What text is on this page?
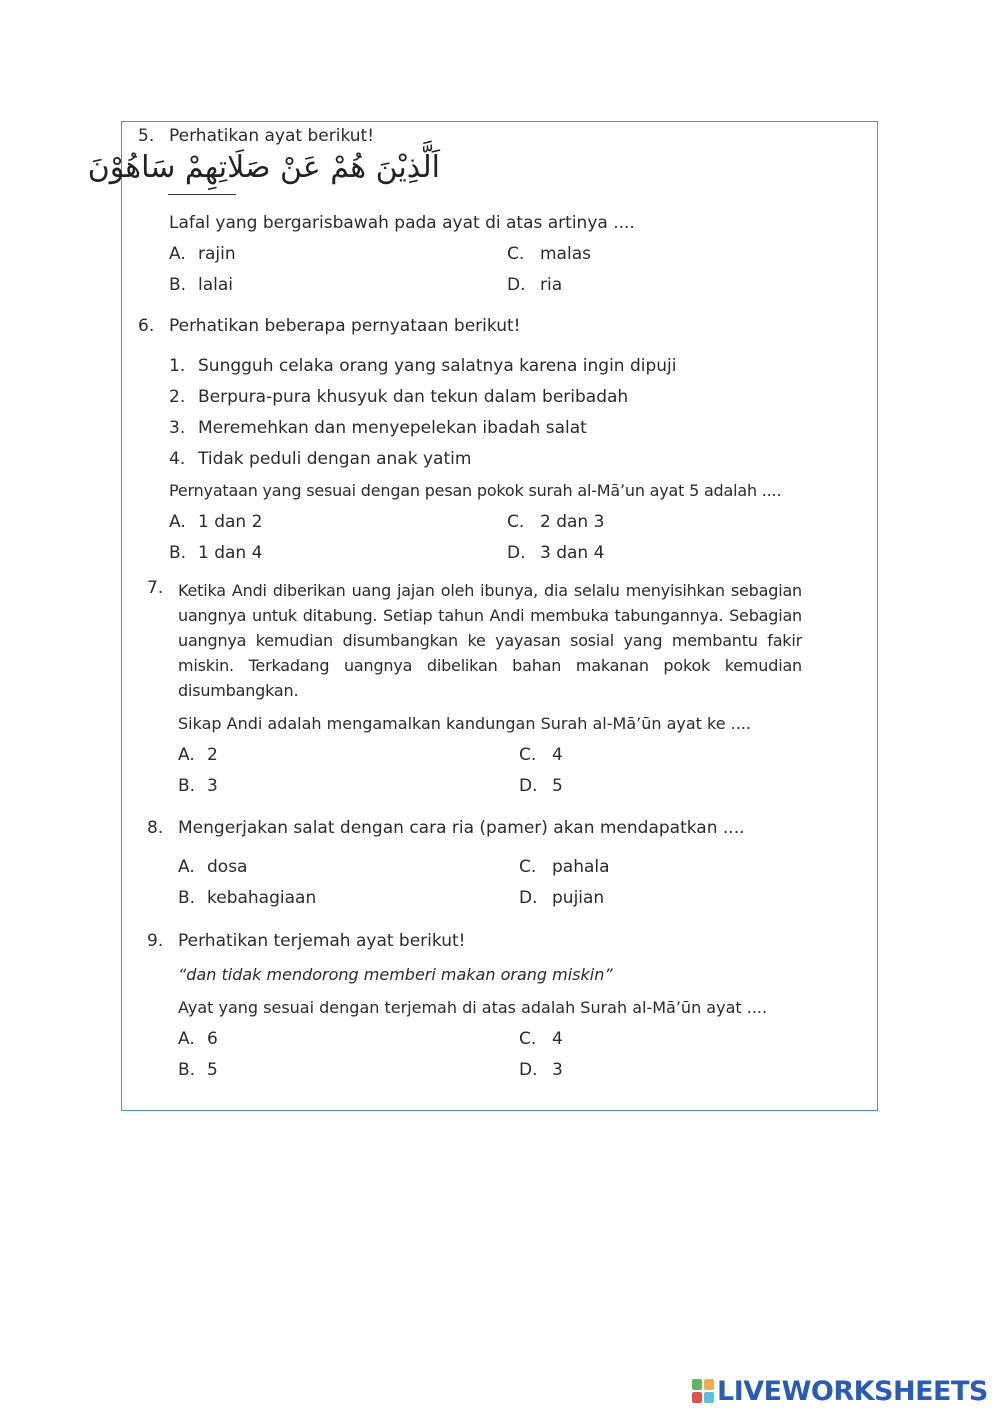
5. Perhatikan ayat berikut!
اَلَّذِيْنَ هُمْ عَنْ صَلَاتِهِمْ سَاهُوْنَ
Lafal yang bergarisbawah pada ayat di atas artinya ....
A. rajin	C. malas
B. lalai	D. ria
6. Perhatikan beberapa pernyataan berikut!
1. Sungguh celaka orang yang salatnya karena ingin dipuji
2. Berpura-pura khusyuk dan tekun dalam beribadah
3. Meremehkan dan menyepelekan ibadah salat
4. Tidak peduli dengan anak yatim
Pernyataan yang sesuai dengan pesan pokok surah al-Mā’un ayat 5 adalah ....
A. 1 dan 2	C. 2 dan 3
B. 1 dan 4	D. 3 dan 4
7. Ketika Andi diberikan uang jajan oleh ibunya, dia selalu menyisihkan sebagian uangnya untuk ditabung. Setiap tahun Andi membuka tabungannya. Sebagian uangnya kemudian disumbangkan ke yayasan sosial yang membantu fakir miskin. Terkadang uangnya dibelikan bahan makanan pokok kemudian disumbangkan.
Sikap Andi adalah mengamalkan kandungan Surah al-Mā’ūn ayat ke ....
A. 2	C. 4
B. 3	D. 5
8. Mengerjakan salat dengan cara ria (pamer) akan mendapatkan ....
A. dosa	C. pahala
B. kebahagiaan	D. pujian
9. Perhatikan terjemah ayat berikut!
“dan tidak mendorong memberi makan orang miskin”
Ayat yang sesuai dengan terjemah di atas adalah Surah al-Mā’ūn ayat ....
A. 6	C. 4
B. 5	D. 3
LIVEWORKSHEETS
